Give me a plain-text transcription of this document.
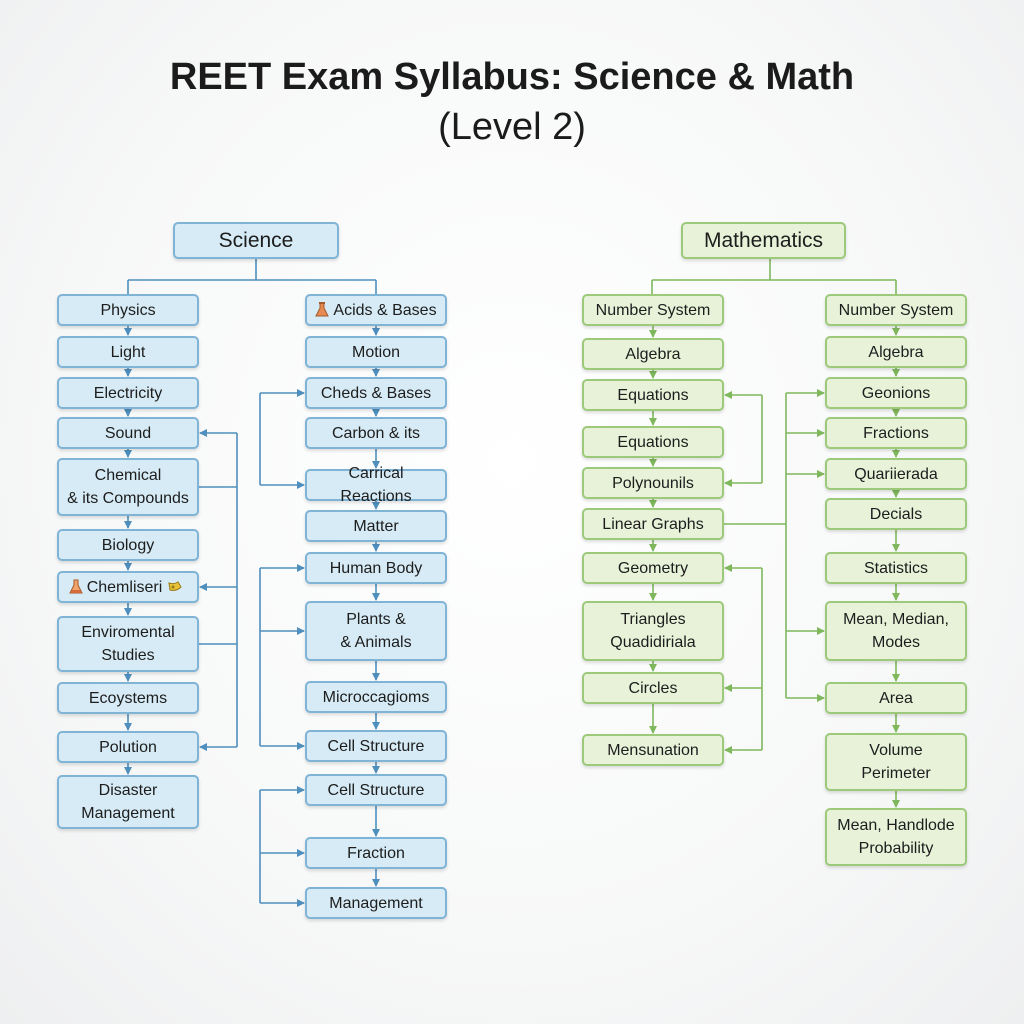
REET Exam Syllabus: Science & Math
(Level 2)
Science	Mathematics
Physics
Light
Electricity
Sound
Chemical
& its Compounds
Biology
Chemliseri
Enviromental
Studies
Ecoystems
Polution
Disaster
Management
Acids & Bases
Motion
Cheds & Bases
Carbon & its
Carrical Reactions
Matter
Human Body
Plants &
& Animals
Microccagioms
Cell Structure
Cell Structure
Fraction
Management
Number System
Algebra
Equations
Equations
Polynounils
Linear Graphs
Geometry
Triangles
Quadidiriala
Circles
Mensunation
Number System
Algebra
Geonions
Fractions
Quariierada
Decials
Statistics
Mean, Median,
Modes
Area
Volume
Perimeter
Mean, Handlode
Probability
